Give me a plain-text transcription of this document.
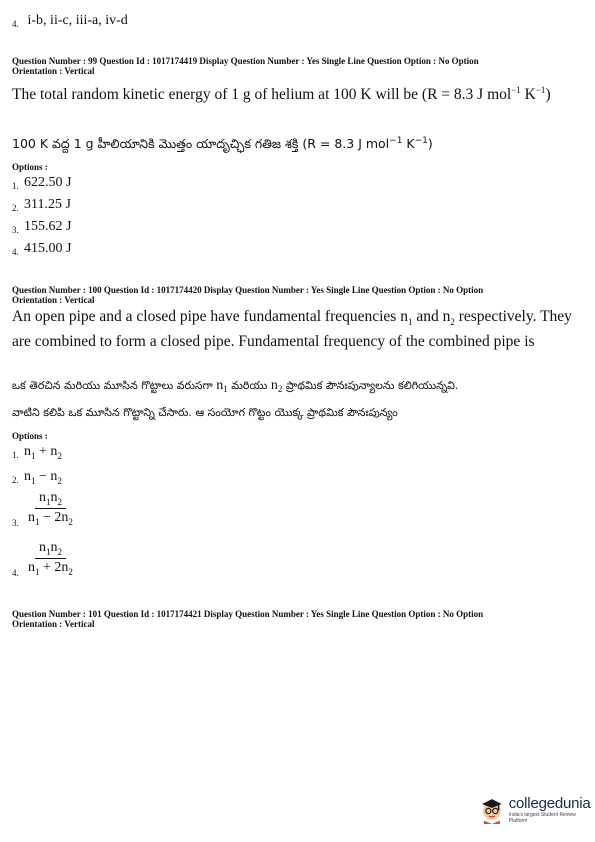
4. i-b, ii-c, iii-a, iv-d
Question Number : 99 Question Id : 1017174419 Display Question Number : Yes Single Line Question Option : No Option
Orientation : Vertical
The total random kinetic energy of 1 g of helium at 100 K will be (R = 8.3 J mol$^{-1}$ $K^{-1}$)
100 K వద్ద 1 g హీలియానికి మొత్తం యాదృచ్ఛిక గతిజ శక్తి (R = 8.3 J mol$^{-1}$ $K^{-1}$)
Options :
1. 622.50 J
2. 311.25 J
3. 155.62 J
4. 415.00 J
Question Number : 100 Question Id : 1017174420 Display Question Number : Yes Single Line Question Option : No Option
Orientation : Vertical
An open pipe and a closed pipe have fundamental frequencies $n_1$ and $n_2$ respectively. They
are combined to form a closed pipe. Fundamental frequency of the combined pipe is
ఒక తెరచిన మరియు మూసిన గొట్టాలు వరుసగా $n_1$ మరియు $n_2$ ప్రాథమిక పౌనఃపున్యాలను కలిగియున్నవి.
వాటిని కలిపి ఒక మూసిన గొట్టాన్ని చేసారు. ఆ సంయోగ గొట్టం యొక్క ప్రాథమిక పౌనఃపున్యం
Options :
1. $n_1 + n_2$
2. $n_1 - n_2$
3. $\frac{n_1n_2}{n_1 - 2n_2}$
4. $\frac{n_1n_2}{n_1 + 2n_2}$
Question Number : 101 Question Id : 1017174421 Display Question Number : Yes Single Line Question Option : No Option
Orientation : Vertical
collegedunia
India's largest Student Review Platform
